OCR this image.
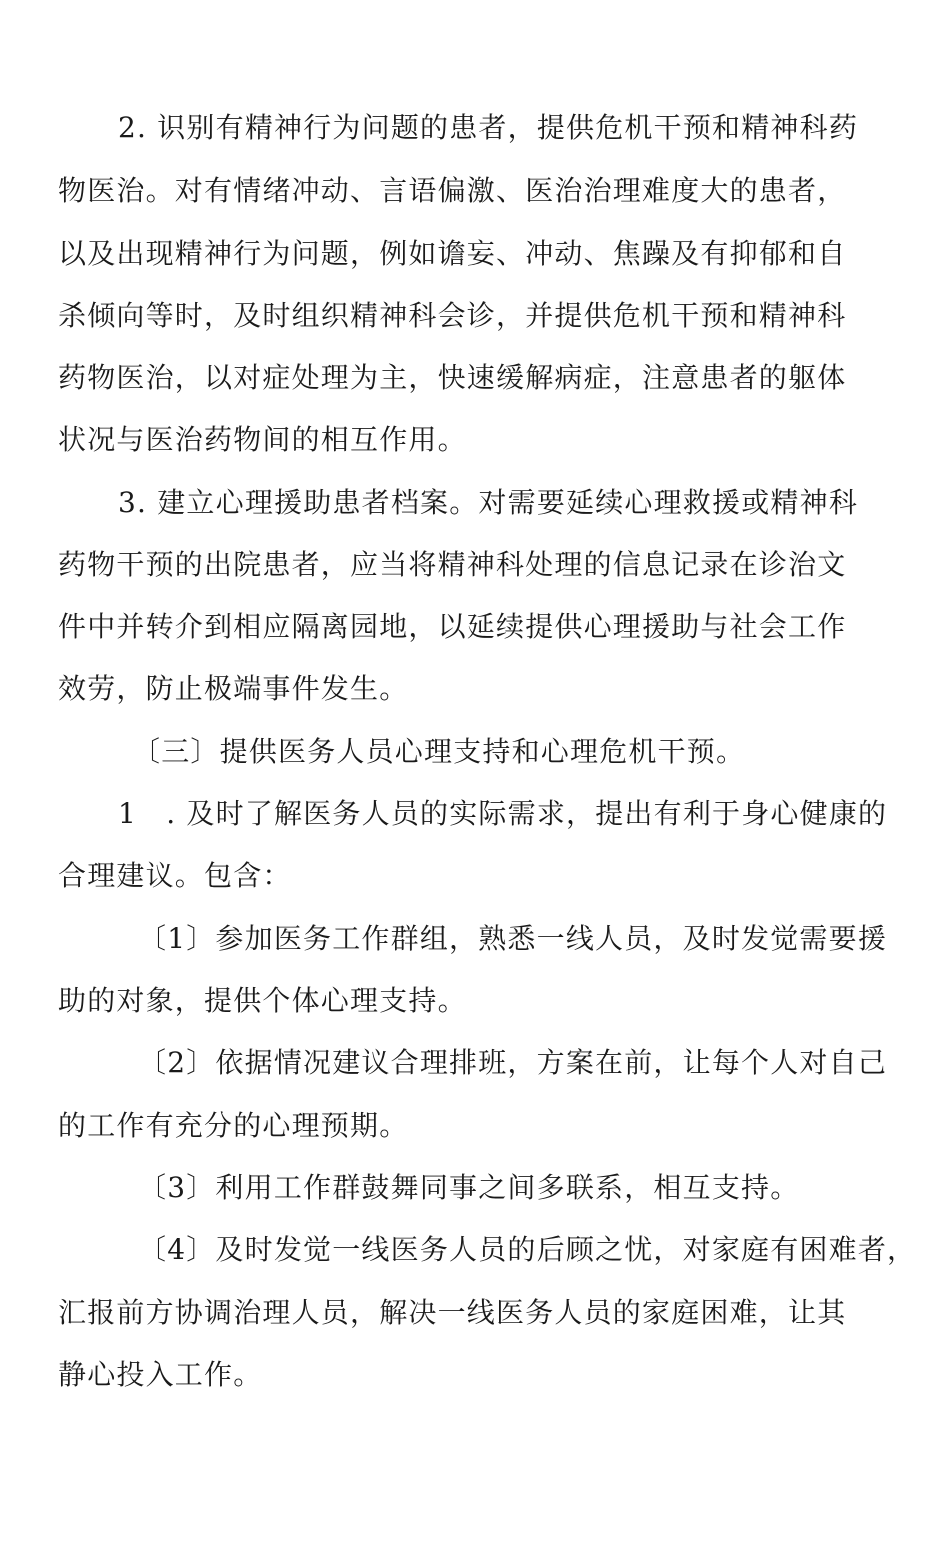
2. 识别有精神行为问题的患者，提供危机干预和精神科药
物医治。对有情绪冲动、言语偏激、医治治理难度大的患者，
以及出现精神行为问题，例如谵妄、冲动、焦躁及有抑郁和自
杀倾向等时，及时组织精神科会诊，并提供危机干预和精神科
药物医治，以对症处理为主，快速缓解病症，注意患者的躯体
状况与医治药物间的相互作用。
3. 建立心理援助患者档案。对需要延续心理救援或精神科
药物干预的出院患者，应当将精神科处理的信息记录在诊治文
件中并转介到相应隔离园地，以延续提供心理援助与社会工作
效劳，防止极端事件发生。
〔三〕提供医务人员心理支持和心理危机干预。
1　. 及时了解医务人员的实际需求，提出有利于身心健康的
合理建议。包含：
〔1〕参加医务工作群组，熟悉一线人员，及时发觉需要援
助的对象，提供个体心理支持。
〔2〕依据情况建议合理排班，方案在前，让每个人对自己
的工作有充分的心理预期。
〔3〕利用工作群鼓舞同事之间多联系，相互支持。
〔4〕及时发觉一线医务人员的后顾之忧，对家庭有困难者，
汇报前方协调治理人员，解决一线医务人员的家庭困难，让其
静心投入工作。
